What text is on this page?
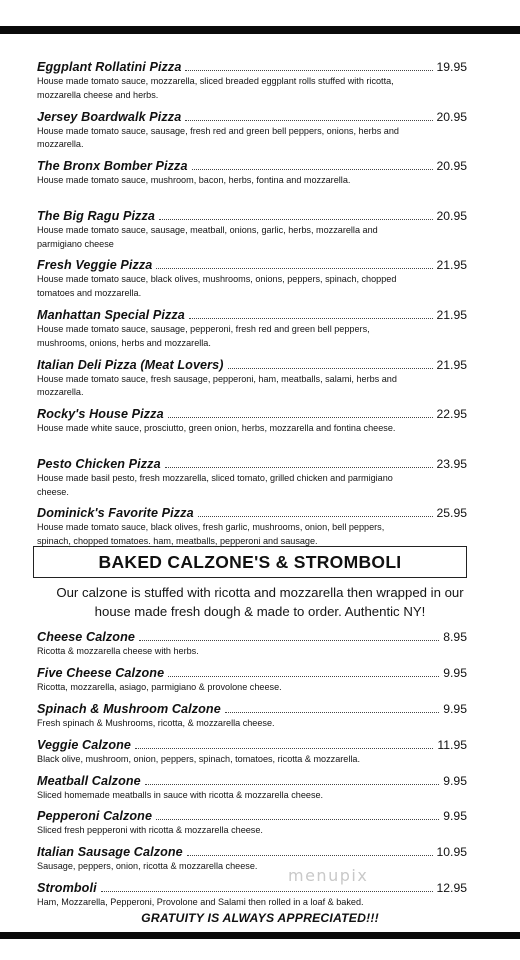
Eggplant Rollatini Pizza	19.95
House made tomato sauce, mozzarella, sliced breaded eggplant rolls stuffed with ricotta, mozzarella cheese and herbs.
Jersey Boardwalk Pizza	20.95
House made tomato sauce, sausage, fresh red and green bell peppers, onions, herbs and mozzarella.
The Bronx Bomber Pizza	20.95
House made tomato sauce, mushroom, bacon, herbs, fontina and mozzarella.
The Big Ragu Pizza	20.95
House made tomato sauce, sausage, meatball, onions, garlic, herbs, mozzarella and parmigiano cheese
Fresh Veggie Pizza	21.95
House made tomato sauce, black olives, mushrooms, onions, peppers, spinach, chopped tomatoes and mozzarella.
Manhattan Special Pizza	21.95
House made tomato sauce, sausage, pepperoni, fresh red and green bell peppers, mushrooms, onions, herbs and mozzarella.
Italian Deli Pizza (Meat Lovers)	21.95
House made tomato sauce, fresh sausage, pepperoni, ham, meatballs, salami, herbs and mozzarella.
Rocky's House Pizza	22.95
House made white sauce, prosciutto, green onion, herbs, mozzarella and fontina cheese.
Pesto Chicken Pizza	23.95
House made basil pesto, fresh mozzarella, sliced tomato, grilled chicken and parmigiano cheese.
Dominick's Favorite Pizza	25.95
House made tomato sauce, black olives, fresh garlic, mushrooms, onion, bell peppers, spinach, chopped tomatoes. ham, meatballs, pepperoni and sausage.
BAKED CALZONE'S & STROMBOLI
Our calzone is stuffed with ricotta and mozzarella then wrapped in our
house made fresh dough & made to order. Authentic NY!
Cheese Calzone	8.95
Ricotta & mozzarella cheese with herbs.
Five Cheese Calzone	9.95
Ricotta, mozzarella, asiago, parmigiano & provolone cheese.
Spinach & Mushroom Calzone	9.95
Fresh spinach & Mushrooms, ricotta, & mozzarella cheese.
Veggie Calzone	11.95
Black olive, mushroom, onion, peppers, spinach, tomatoes, ricotta & mozzarella.
Meatball Calzone	9.95
Sliced homemade meatballs in sauce with ricotta & mozzarella cheese.
Pepperoni Calzone	9.95
Sliced fresh pepperoni with ricotta & mozzarella cheese.
Italian Sausage Calzone	10.95
Sausage, peppers, onion, ricotta & mozzarella cheese.
Stromboli	12.95
Ham, Mozzarella, Pepperoni, Provolone and Salami then rolled in a loaf & baked.
menupix
GRATUITY IS ALWAYS APPRECIATED!!!
